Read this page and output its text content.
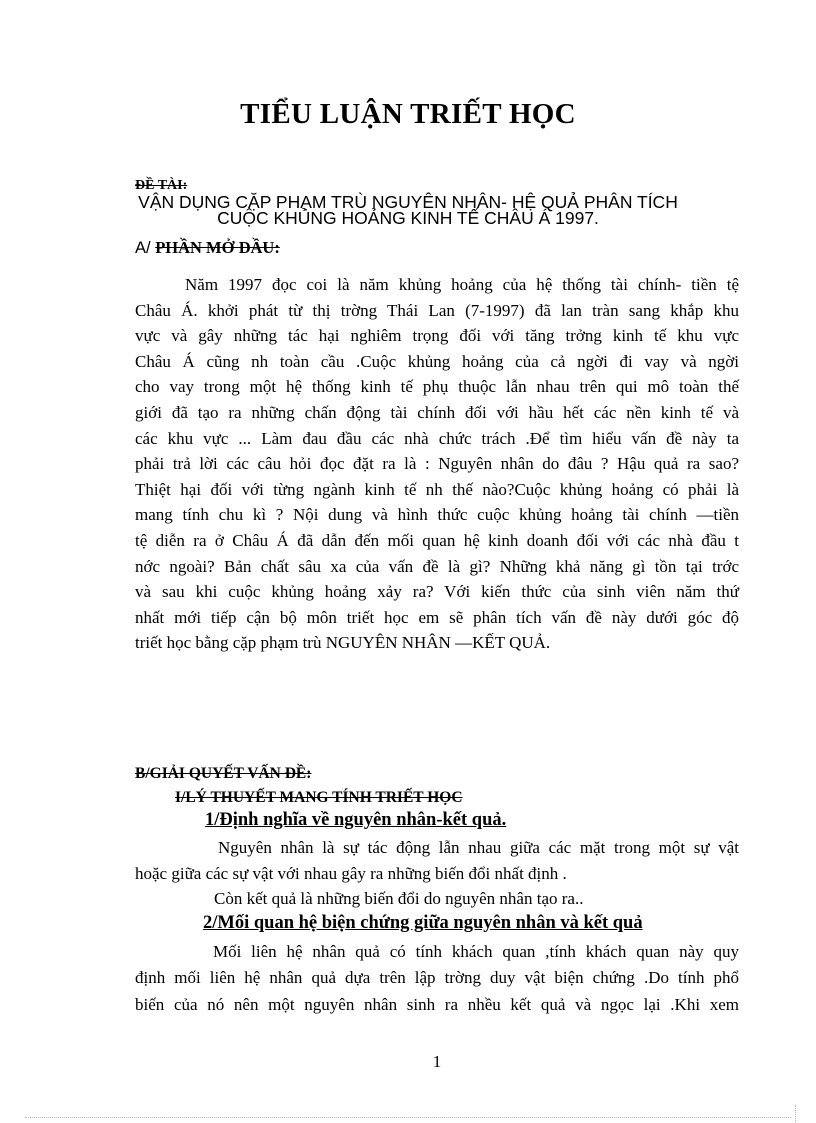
TIỂU LUẬN TRIẾT HỌC
ĐỀ TÀI:
VẬN DỤNG CẶP PHẠM TRÙ NGUYÊN NHÂN- HỆ QUẢ PHÂN TÍCH
CUỘC KHỦNG HOẢNG KINH TẾ CHÂU Á 1997.
A/ PHẦN MỞ ĐẦU:
Năm 1997 đọc coi là năm khủng hoảng của hệ thống tài chính- tiền tệ
Châu Á. khởi phát từ thị trờng Thái Lan (7-1997) đã lan tràn sang khắp khu
vực và gây những tác hại nghiêm trọng đối với tăng trởng kinh tế khu vực
Châu Á cũng nh toàn cầu .Cuộc khủng hoảng của cả ngời đi vay và ngời
cho vay trong một hệ thống kinh tế phụ thuộc lẫn nhau trên qui mô toàn thế
giới đã tạo ra những chấn động tài chính đối với hầu hết các nền kinh tế và
các khu vực ... Làm đau đầu các nhà chức trách .Để tìm hiểu vấn đề này ta
phải trả lời các câu hỏi đọc đặt ra là : Nguyên nhân do đâu ? Hậu quả ra sao?
Thiệt hại đối với từng ngành kinh tế nh thế nào?Cuộc khủng hoảng có phải là
mang tính chu kì ? Nội dung và hình thức cuộc khủng hoảng tài chính —tiền
tệ diễn ra ở Châu Á đã dẫn đến mối quan hệ kinh doanh đối với các nhà đầu t
nớc ngoài? Bản chất sâu xa của vấn đề là gì? Những khả năng gì tồn tại trớc
và sau khi cuộc khủng hoảng xảy ra? Với kiến thức của sinh viên năm thứ
nhất mới tiếp cận bộ môn triết học em sẽ phân tích vấn đề này dưới góc độ
triết học bằng cặp phạm trù NGUYÊN NHÂN —KẾT QUẢ.
B/GIẢI QUYẾT VẤN ĐỀ:
I/LÝ THUYẾT MANG TÍNH TRIẾT HỌC
1/Định nghĩa về nguyên nhân-kết quả.
Nguyên nhân là sự tác động lẫn nhau giữa các mặt trong một sự vật
hoặc giữa các sự vật với nhau gây ra những biến đổi nhất định .
Còn kết quả là những biến đổi do nguyên nhân tạo ra..
2/Mối quan hệ biện chứng giữa nguyên nhân và kết quả
Mối liên hệ nhân quả có tính khách quan ,tính khách quan này quy
định mối liên hệ nhân quả dựa trên lập trờng duy vật biện chứng .Do tính phổ
biến của nó nên một nguyên nhân sinh ra nhều kết quả và ngọc lại .Khi xem
1
